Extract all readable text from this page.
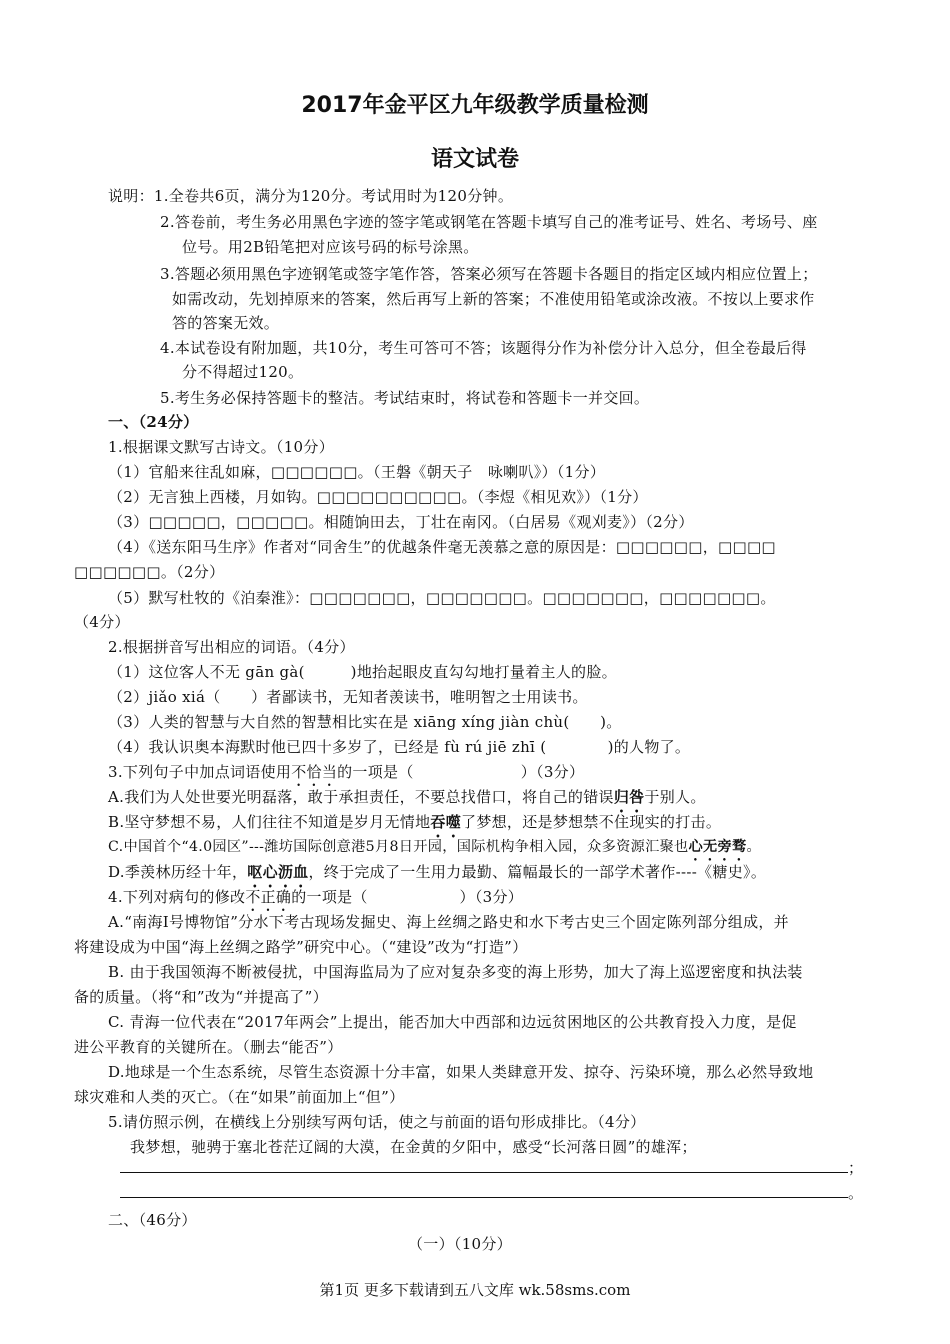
2017年金平区九年级教学质量检测
语文试卷
说明：1.全卷共6页，满分为120分。考试用时为120分钟。
2.答卷前，考生务必用黑色字迹的签字笔或钢笔在答题卡填写自己的准考证号、姓名、考场号、座
位号。用2B铅笔把对应该号码的标号涂黑。
3.答题必须用黑色字迹钢笔或签字笔作答，答案必须写在答题卡各题目的指定区域内相应位置上；
如需改动，先划掉原来的答案，然后再写上新的答案；不准使用铅笔或涂改液。不按以上要求作
答的答案无效。
4.本试卷设有附加题，共10分，考生可答可不答；该题得分作为补偿分计入总分，但全卷最后得
分不得超过120。
5.考生务必保持答题卡的整洁。考试结束时，将试卷和答题卡一并交回。
一、（24分）
1.根据课文默写古诗文。（10分）
（1）官船来往乱如麻，□□□□□□。（王磐《朝天子　咏喇叭》）（1分）
（2）无言独上西楼，月如钩。□□□□□□□□□□。（李煜《相见欢》）（1分）
（3）□□□□□，□□□□□。相随饷田去，丁壮在南冈。（白居易《观刈麦》）（2分）
（4）《送东阳马生序》作者对“同舍生”的优越条件毫无羡慕之意的原因是：□□□□□□，□□□□
□□□□□□。（2分）
（5）默写杜牧的《泊秦淮》：□□□□□□□，□□□□□□□。□□□□□□□，□□□□□□□。
（4分）
2.根据拼音写出相应的词语。（4分）
（1）这位客人不无 gān gà(　　　)地抬起眼皮直勾勾地打量着主人的脸。
（2）jiǎo xiá（　　）者鄙读书，无知者羡读书，唯明智之士用读书。
（3）人类的智慧与大自然的智慧相比实在是 xiāng xíng jiàn chù(　　)。
（4）我认识奥本海默时他已四十多岁了，已经是 fù rú jiē zhī (　　　　)的人物了。
3.下列句子中加点词语使用不恰当的一项是（　　　　　　　）（3分）
A.我们为人处世要光明磊落，敢于承担责任，不要总找借口，将自己的错误归咎于别人。
B.坚守梦想不易，人们往往不知道是岁月无情地吞噬了梦想，还是梦想禁不住现实的打击。
C.中国首个“4.0园区”---潍坊国际创意港5月8日开园，国际机构争相入园，众多资源汇聚也心无旁骛。
D.季羡林历经十年，呕心沥血，终于完成了一生用力最勤、篇幅最长的一部学术著作----《糖史》。
4.下列对病句的修改不正确的一项是（　　　　　　）（3分）
A.“南海Ⅰ号博物馆”分水下考古现场发掘史、海上丝绸之路史和水下考古史三个固定陈列部分组成，并
将建设成为中国“海上丝绸之路学”研究中心。（“建设”改为“打造”）
B. 由于我国领海不断被侵扰，中国海监局为了应对复杂多变的海上形势，加大了海上巡逻密度和执法装
备的质量。（将“和”改为“并提高了”）
C. 青海一位代表在“2017年两会”上提出，能否加大中西部和边远贫困地区的公共教育投入力度，是促
进公平教育的关键所在。（删去“能否”）
D.地球是一个生态系统，尽管生态资源十分丰富，如果人类肆意开发、掠夺、污染环境，那么必然导致地
球灾难和人类的灭亡。（在“如果”前面加上“但”）
5.请仿照示例，在横线上分别续写两句话，使之与前面的语句形成排比。（4分）
我梦想，驰骋于塞北苍茫辽阔的大漠，在金黄的夕阳中，感受“长河落日圆”的雄浑；
；
。
二、（46分）
（一）（10分）
第1页 更多下载请到五八文库 wk.58sms.com
